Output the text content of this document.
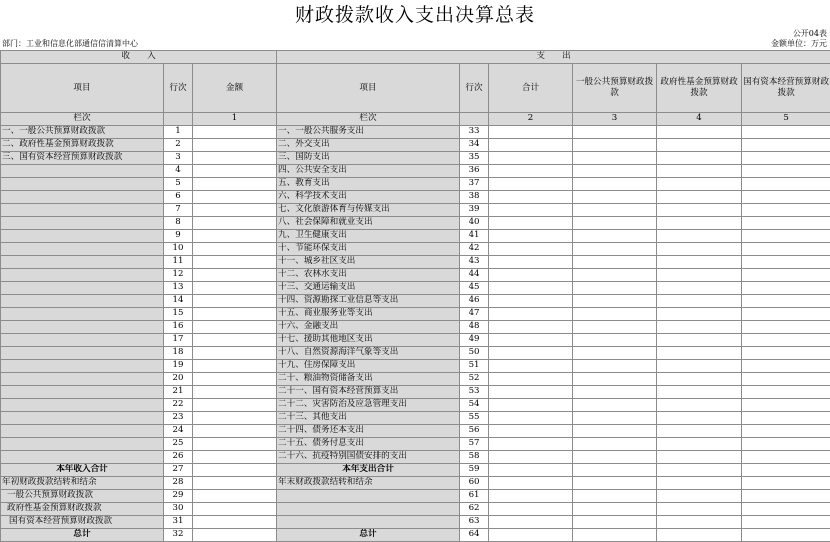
财政拨款收入支出决算总表
公开04表
部门：工业和信息化部通信信清算中心	金额单位：万元
收　　入			支　　出					
项目	行次	金额	项目	行次	合计	一般公共预算财政拨款	政府性基金预算财政拨款	国有资本经营预算财政拨款
栏次		1	栏次		2	3	4	5
一、一般公共预算财政拨款	1		一、一般公共服务支出	33				
二、政府性基金预算财政拨款	2		二、外交支出	34				
三、国有资本经营预算财政拨款	3		三、国防支出	35				
	4		四、公共安全支出	36				
	5		五、教育支出	37				
	6		六、科学技术支出	38				
	7		七、文化旅游体育与传媒支出	39				
	8		八、社会保障和就业支出	40				
	9		九、卫生健康支出	41				
	10		十、节能环保支出	42				
	11		十一、城乡社区支出	43				
	12		十二、农林水支出	44				
	13		十三、交通运输支出	45				
	14		十四、资源勘探工业信息等支出	46				
	15		十五、商业服务业等支出	47				
	16		十六、金融支出	48				
	17		十七、援助其他地区支出	49				
	18		十八、自然资源海洋气象等支出	50				
	19		十九、住房保障支出	51				
	20		二十、粮油物资储备支出	52				
	21		二十一、国有资本经营预算支出	53				
	22		二十二、灾害防治及应急管理支出	54				
	23		二十三、其他支出	55				
	24		二十四、债务还本支出	56				
	25		二十五、债务付息支出	57				
	26		二十六、抗疫特别国债安排的支出	58				
本年收入合计	27		本年支出合计	59				
年初财政拨款结转和结余	28		年末财政拨款结转和结余	60				
一般公共预算财政拨款	29			61				
政府性基金预算财政拨款	30			62				
国有资本经营预算财政拨款	31			63				
总计	32		总计	64				
